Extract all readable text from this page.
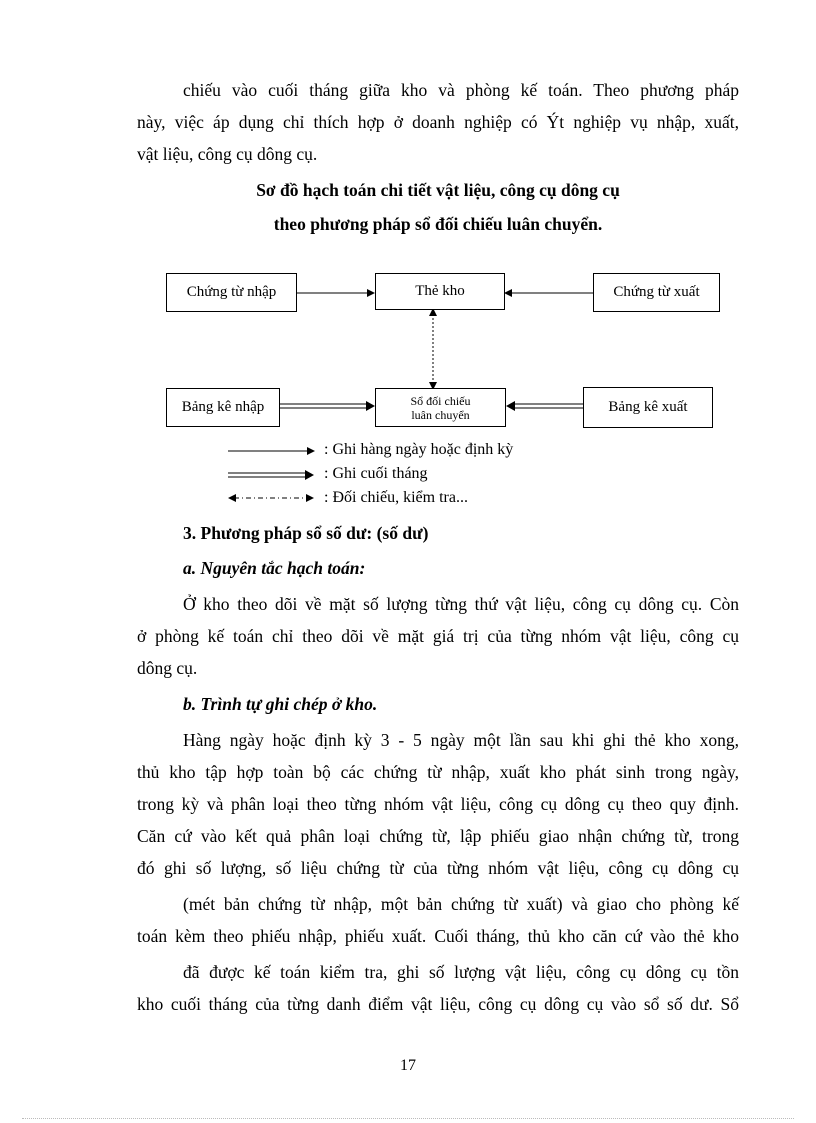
chiếu vào cuối tháng giữa kho và phòng kế toán. Theo phương pháp
này, việc áp dụng chỉ thích hợp ở doanh nghiệp có Ýt nghiệp vụ nhập, xuất,
vật liệu, công cụ dông cụ.
Sơ đồ hạch toán chi tiết vật liệu, công cụ dông cụ
theo phương pháp sổ đối chiếu luân chuyển.
Chứng từ nhập	Thẻ kho	Chứng từ xuất
Bảng kê nhập	Sổ đối chiếu
luân chuyển	Bảng kê xuất
: Ghi hàng ngày hoặc định kỳ
: Ghi cuối tháng
: Đối chiếu, kiểm tra...
3. Phương pháp sổ số dư: (số dư)
a. Nguyên tắc hạch toán:
Ở kho theo dõi về mặt số lượng từng thứ vật liệu, công cụ dông cụ. Còn
ở phòng kế toán chỉ theo dõi về mặt giá trị của từng nhóm vật liệu, công cụ
dông cụ.
b. Trình tự ghi chép ở kho.
Hàng ngày hoặc định kỳ 3 - 5 ngày một lần sau khi ghi thẻ kho xong,
thủ kho tập hợp toàn bộ các chứng từ nhập, xuất kho phát sinh trong ngày,
trong kỳ và phân loại theo từng nhóm vật liệu, công cụ dông cụ theo quy định.
Căn cứ vào kết quả phân loại chứng từ, lập phiếu giao nhận chứng từ, trong
đó ghi số lượng, số liệu chứng từ của từng nhóm vật liệu, công cụ dông cụ
(mét bản chứng từ nhập, một bản chứng từ xuất) và giao cho phòng kế
toán kèm theo phiếu nhập, phiếu xuất. Cuối tháng, thủ kho căn cứ vào thẻ kho
đã được kế toán kiểm tra, ghi số lượng vật liệu, công cụ dông cụ tồn
kho cuối tháng của từng danh điểm vật liệu, công cụ dông cụ vào sổ số dư. Sổ
17
